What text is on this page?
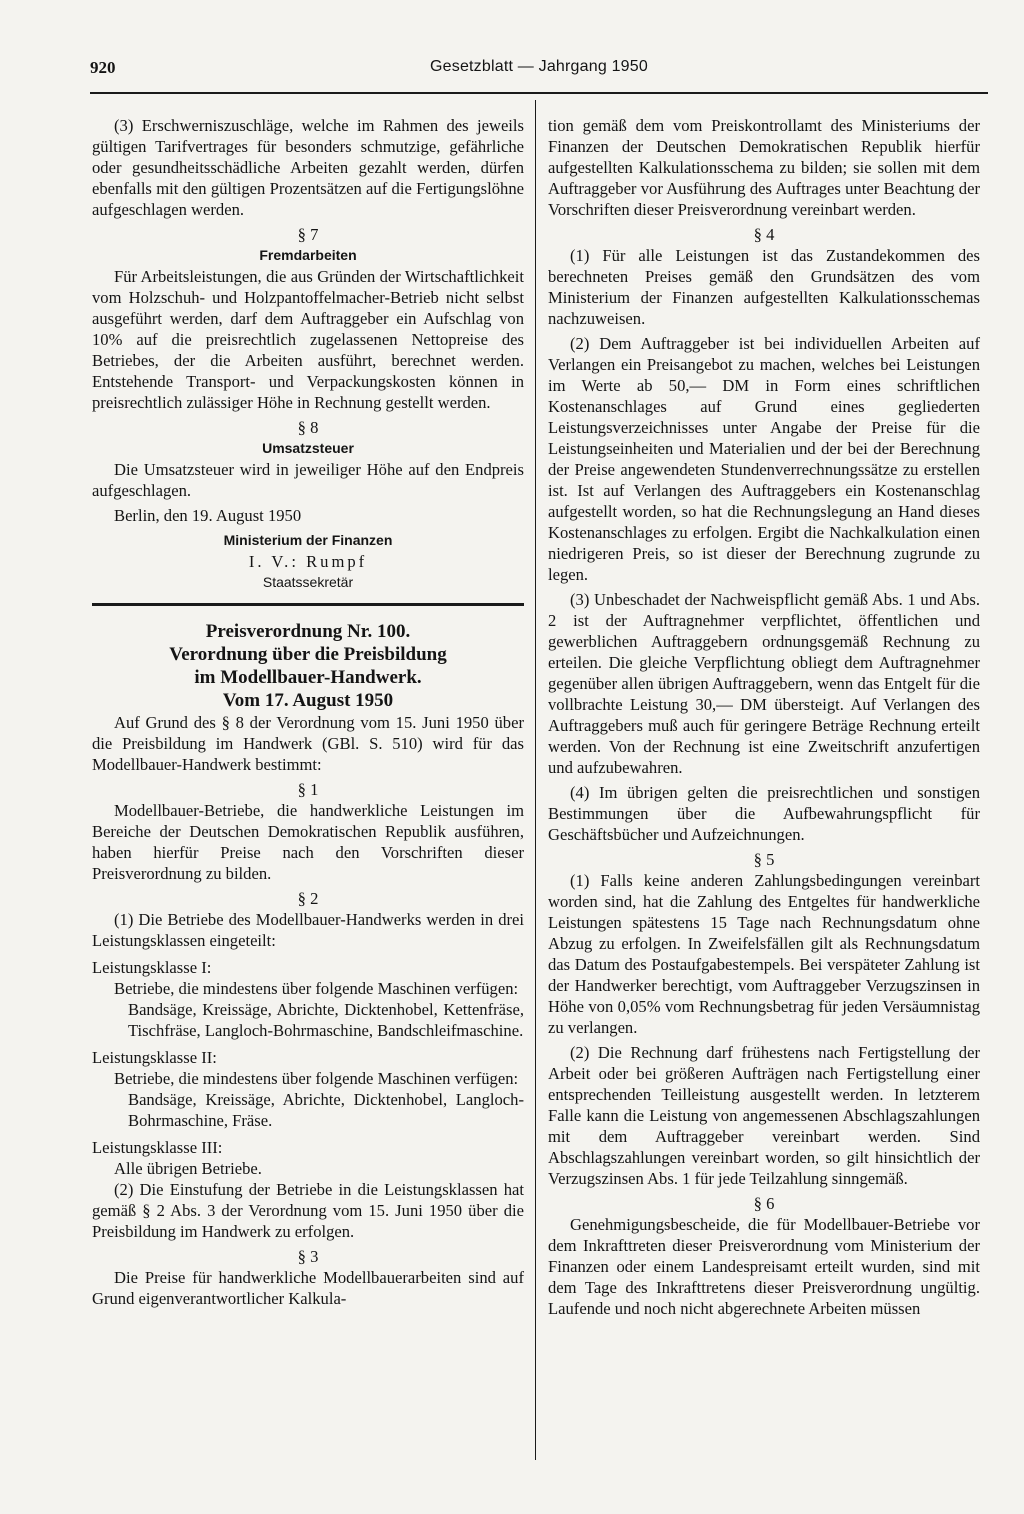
920	Gesetzblatt — Jahrgang 1950

(3) Erschwerniszuschläge, welche im Rahmen des jeweils gültigen Tarifvertrages für besonders schmutzige, gefährliche oder gesundheitsschädliche Arbeiten gezahlt werden, dürfen ebenfalls mit den gültigen Prozentsätzen auf die Fertigungslöhne aufgeschlagen werden.

§ 7
Fremdarbeiten

Für Arbeitsleistungen, die aus Gründen der Wirtschaftlichkeit vom Holzschuh- und Holzpantoffelmacher-Betrieb nicht selbst ausgeführt werden, darf dem Auftraggeber ein Aufschlag von 10% auf die preisrechtlich zugelassenen Nettopreise des Betriebes, der die Arbeiten ausführt, berechnet werden. Entstehende Transport- und Verpackungskosten können in preisrechtlich zulässiger Höhe in Rechnung gestellt werden.

§ 8
Umsatzsteuer

Die Umsatzsteuer wird in jeweiliger Höhe auf den Endpreis aufgeschlagen.

Berlin, den 19. August 1950

Ministerium der Finanzen
I. V.: Rumpf
Staatssekretär
Preisverordnung Nr. 100.
Verordnung über die Preisbildung
im Modellbauer-Handwerk.
Vom 17. August 1950

Auf Grund des § 8 der Verordnung vom 15. Juni 1950 über die Preisbildung im Handwerk (GBl. S. 510) wird für das Modellbauer-Handwerk bestimmt:

§ 1

Modellbauer-Betriebe, die handwerkliche Leistungen im Bereiche der Deutschen Demokratischen Republik ausführen, haben hierfür Preise nach den Vorschriften dieser Preisverordnung zu bilden.

§ 2

(1) Die Betriebe des Modellbauer-Handwerks werden in drei Leistungsklassen eingeteilt:

Leistungsklasse I:

Betriebe, die mindestens über folgende Maschinen verfügen:

Bandsäge, Kreissäge, Abrichte, Dicktenhobel, Kettenfräse, Tischfräse, Langloch-Bohrmaschine, Bandschleifmaschine.

Leistungsklasse II:

Betriebe, die mindestens über folgende Maschinen verfügen:

Bandsäge, Kreissäge, Abrichte, Dicktenhobel, Langloch-Bohrmaschine, Fräse.

Leistungsklasse III:

Alle übrigen Betriebe.

(2) Die Einstufung der Betriebe in die Leistungsklassen hat gemäß § 2 Abs. 3 der Verordnung vom 15. Juni 1950 über die Preisbildung im Handwerk zu erfolgen.

§ 3

Die Preise für handwerkliche Modellbauerarbeiten sind auf Grund eigenverantwortlicher Kalkula-

tion gemäß dem vom Preiskontrollamt des Ministeriums der Finanzen der Deutschen Demokratischen Republik hierfür aufgestellten Kalkulationsschema zu bilden; sie sollen mit dem Auftraggeber vor Ausführung des Auftrages unter Beachtung der Vorschriften dieser Preisverordnung vereinbart werden.

§ 4

(1) Für alle Leistungen ist das Zustandekommen des berechneten Preises gemäß den Grundsätzen des vom Ministerium der Finanzen aufgestellten Kalkulationsschemas nachzuweisen.

(2) Dem Auftraggeber ist bei individuellen Arbeiten auf Verlangen ein Preisangebot zu machen, welches bei Leistungen im Werte ab 50,— DM in Form eines schriftlichen Kostenanschlages auf Grund eines gegliederten Leistungsverzeichnisses unter Angabe der Preise für die Leistungseinheiten und Materialien und der bei der Berechnung der Preise angewendeten Stundenverrechnungssätze zu erstellen ist. Ist auf Verlangen des Auftraggebers ein Kostenanschlag aufgestellt worden, so hat die Rechnungslegung an Hand dieses Kostenanschlages zu erfolgen. Ergibt die Nachkalkulation einen niedrigeren Preis, so ist dieser der Berechnung zugrunde zu legen.

(3) Unbeschadet der Nachweispflicht gemäß Abs. 1 und Abs. 2 ist der Auftragnehmer verpflichtet, öffentlichen und gewerblichen Auftraggebern ordnungsgemäß Rechnung zu erteilen. Die gleiche Verpflichtung obliegt dem Auftragnehmer gegenüber allen übrigen Auftraggebern, wenn das Entgelt für die vollbrachte Leistung 30,— DM übersteigt. Auf Verlangen des Auftraggebers muß auch für geringere Beträge Rechnung erteilt werden. Von der Rechnung ist eine Zweitschrift anzufertigen und aufzubewahren.

(4) Im übrigen gelten die preisrechtlichen und sonstigen Bestimmungen über die Aufbewahrungspflicht für Geschäftsbücher und Aufzeichnungen.

§ 5

(1) Falls keine anderen Zahlungsbedingungen vereinbart worden sind, hat die Zahlung des Entgeltes für handwerkliche Leistungen spätestens 15 Tage nach Rechnungsdatum ohne Abzug zu erfolgen. In Zweifelsfällen gilt als Rechnungsdatum das Datum des Postaufgabestempels. Bei verspäteter Zahlung ist der Handwerker berechtigt, vom Auftraggeber Verzugszinsen in Höhe von 0,05% vom Rechnungsbetrag für jeden Versäumnistag zu verlangen.

(2) Die Rechnung darf frühestens nach Fertigstellung der Arbeit oder bei größeren Aufträgen nach Fertigstellung einer entsprechenden Teilleistung ausgestellt werden. In letzterem Falle kann die Leistung von angemessenen Abschlagszahlungen mit dem Auftraggeber vereinbart werden. Sind Abschlagszahlungen vereinbart worden, so gilt hinsichtlich der Verzugszinsen Abs. 1 für jede Teilzahlung sinngemäß.

§ 6

Genehmigungsbescheide, die für Modellbauer-Betriebe vor dem Inkrafttreten dieser Preisverordnung vom Ministerium der Finanzen oder einem Landespreisamt erteilt wurden, sind mit dem Tage des Inkrafttretens dieser Preisverordnung ungültig. Laufende und noch nicht abgerechnete Arbeiten müssen
